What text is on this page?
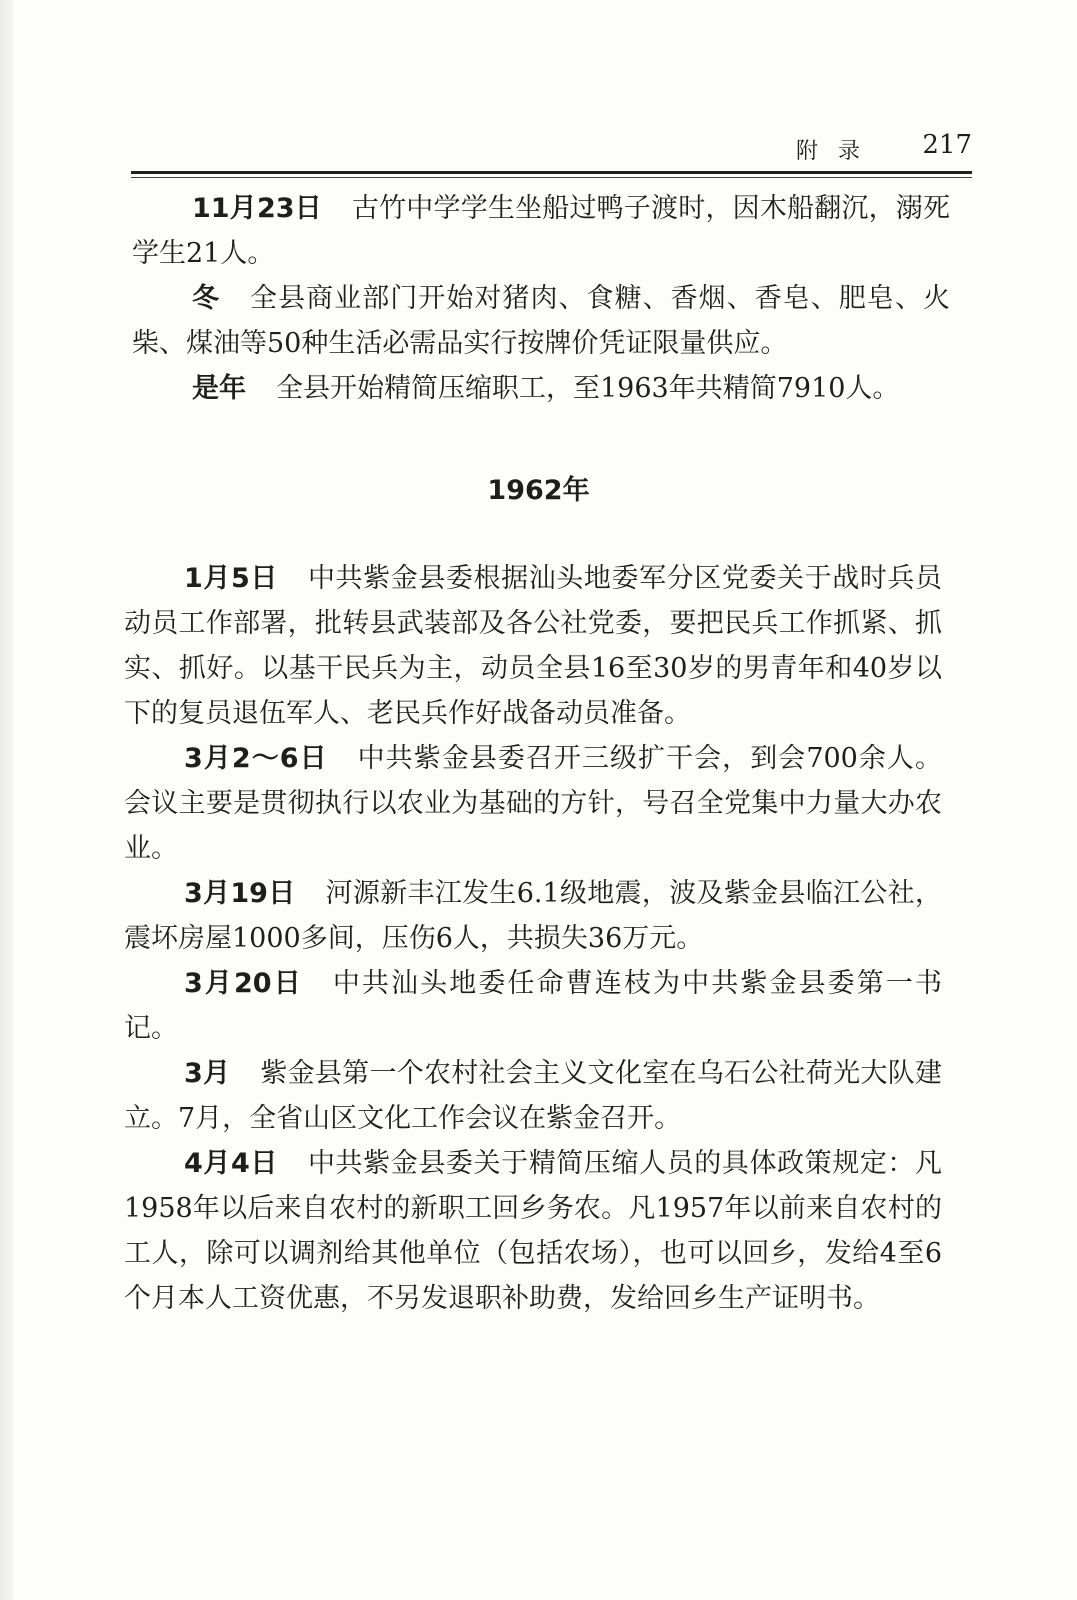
附录 217

11月23日 古竹中学学生坐船过鸭子渡时，因木船翻沉，溺死学生21人。

冬 全县商业部门开始对猪肉、食糖、香烟、香皂、肥皂、火柴、煤油等50种生活必需品实行按牌价凭证限量供应。

是年 全县开始精简压缩职工，至1963年共精简7910人。

1962年

1月5日 中共紫金县委根据汕头地委军分区党委关于战时兵员动员工作部署，批转县武装部及各公社党委，要把民兵工作抓紧、抓实、抓好。以基干民兵为主，动员全县16至30岁的男青年和40岁以下的复员退伍军人、老民兵作好战备动员准备。

3月2～6日 中共紫金县委召开三级扩干会，到会700余人。会议主要是贯彻执行以农业为基础的方针，号召全党集中力量大办农业。

3月19日 河源新丰江发生6.1级地震，波及紫金县临江公社，震坏房屋1000多间，压伤6人，共损失36万元。

3月20日 中共汕头地委任命曹连枝为中共紫金县委第一书记。

3月 紫金县第一个农村社会主义文化室在乌石公社荷光大队建立。7月，全省山区文化工作会议在紫金召开。

4月4日 中共紫金县委关于精简压缩人员的具体政策规定：凡1958年以后来自农村的新职工回乡务农。凡1957年以前来自农村的工人，除可以调剂给其他单位（包括农场），也可以回乡，发给4至6个月本人工资优惠，不另发退职补助费，发给回乡生产证明书。
